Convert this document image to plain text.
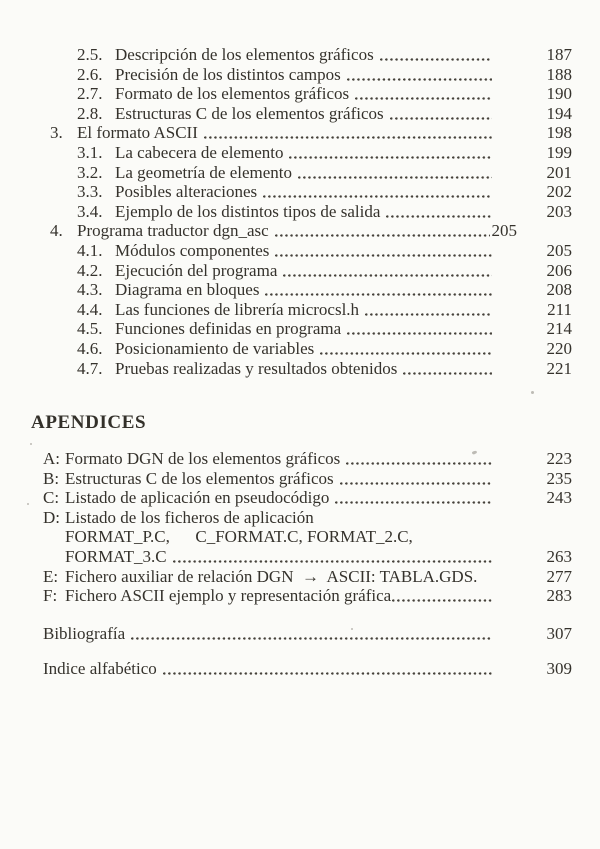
2.5. Descripción de los elementos gráficos	187
2.6. Precisión de los distintos campos	188
2.7. Formato de los elementos gráficos	190
2.8. Estructuras C de los elementos gráficos	194
3. El formato ASCII	198
3.1. La cabecera de elemento	199
3.2. La geometría de elemento	201
3.3. Posibles alteraciones	202
3.4. Ejemplo de los distintos tipos de salida	203
4. Programa traductor dgn_asc	205
4.1. Módulos componentes	205
4.2. Ejecución del programa	206
4.3. Diagrama en bloques	208
4.4. Las funciones de librería microcsl.h	211
4.5. Funciones definidas en programa	214
4.6. Posicionamiento de variables	220
4.7. Pruebas realizadas y resultados obtenidos	221
APENDICES
A: Formato DGN de los elementos gráficos	223
B: Estructuras C de los elementos gráficos	235
C: Listado de aplicación en pseudocódigo	243
D: Listado de los ficheros de aplicación
FORMAT_P.C,      C_FORMAT.C, FORMAT_2.C,
FORMAT_3.C	263
E: Fichero auxiliar de relación DGN  →  ASCII: TABLA.GDS.	277
F: Fichero ASCII ejemplo y representación gráfica	283
Bibliografía	307
Indice alfabético	309
